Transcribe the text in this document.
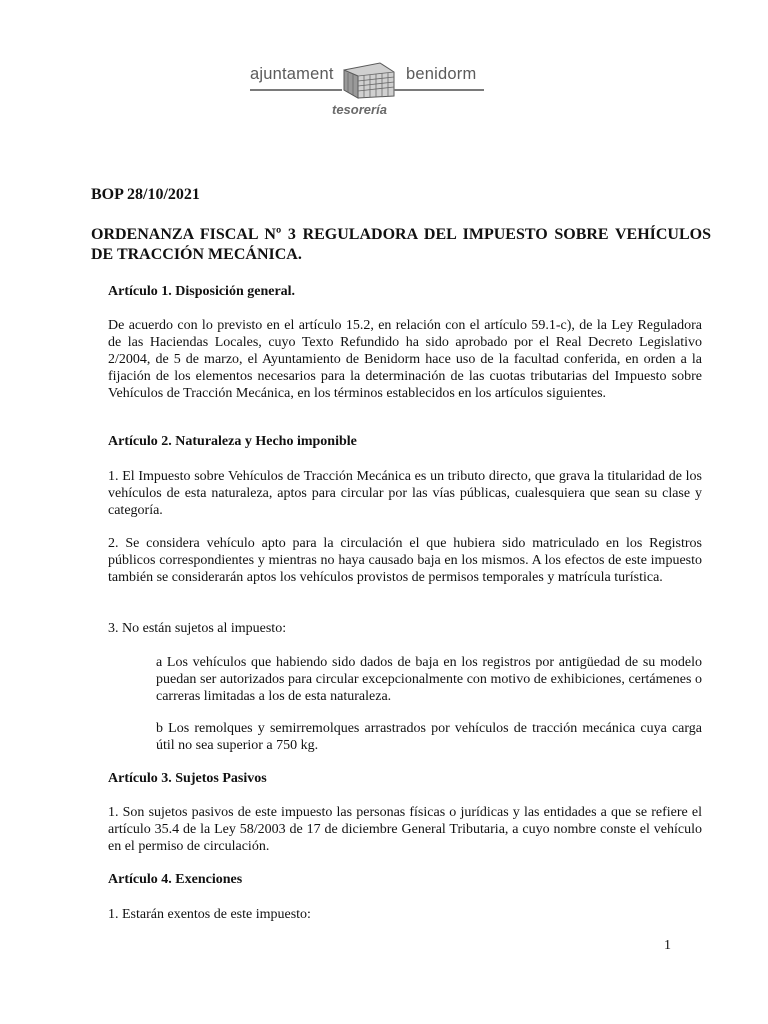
ajuntament	benidorm
tesorería
BOP 28/10/2021
ORDENANZA FISCAL Nº 3 REGULADORA DEL IMPUESTO SOBRE VEHÍCULOS DE TRACCIÓN MECÁNICA.
Artículo 1. Disposición general.

De acuerdo con lo previsto en el artículo 15.2, en relación con el artículo 59.1-c), de la Ley Reguladora de las Haciendas Locales, cuyo Texto Refundido ha sido aprobado por el Real Decreto Legislativo 2/2004, de 5 de marzo, el Ayuntamiento de Benidorm hace uso de la facultad conferida, en orden a la fijación de los elementos necesarios para la determinación de las cuotas tributarias del Impuesto sobre Vehículos de Tracción Mecánica, en los términos establecidos en los artículos siguientes.

Artículo 2. Naturaleza y Hecho imponible

1. El Impuesto sobre Vehículos de Tracción Mecánica es un tributo directo, que grava la titularidad de los vehículos de esta naturaleza, aptos para circular por las vías públicas, cualesquiera que sean su clase y categoría.

2. Se considera vehículo apto para la circulación el que hubiera sido matriculado en los Registros públicos correspondientes y mientras no haya causado baja en los mismos. A los efectos de este impuesto también se considerarán aptos los vehículos provistos de permisos temporales y matrícula turística.

3. No están sujetos al impuesto:

a Los vehículos que habiendo sido dados de baja en los registros por antigüedad de su modelo puedan ser autorizados para circular excepcionalmente con motivo de exhibiciones, certámenes o carreras limitadas a los de esta naturaleza.

b Los remolques y semirremolques arrastrados por vehículos de tracción mecánica cuya carga útil no sea superior a 750 kg.

Artículo 3. Sujetos Pasivos

1. Son sujetos pasivos de este impuesto las personas físicas o jurídicas y las entidades a que se refiere el artículo 35.4 de la Ley 58/2003 de 17 de diciembre General Tributaria, a cuyo nombre conste el vehículo en el permiso de circulación.

Artículo 4. Exenciones

1. Estarán exentos de este impuesto:

1
